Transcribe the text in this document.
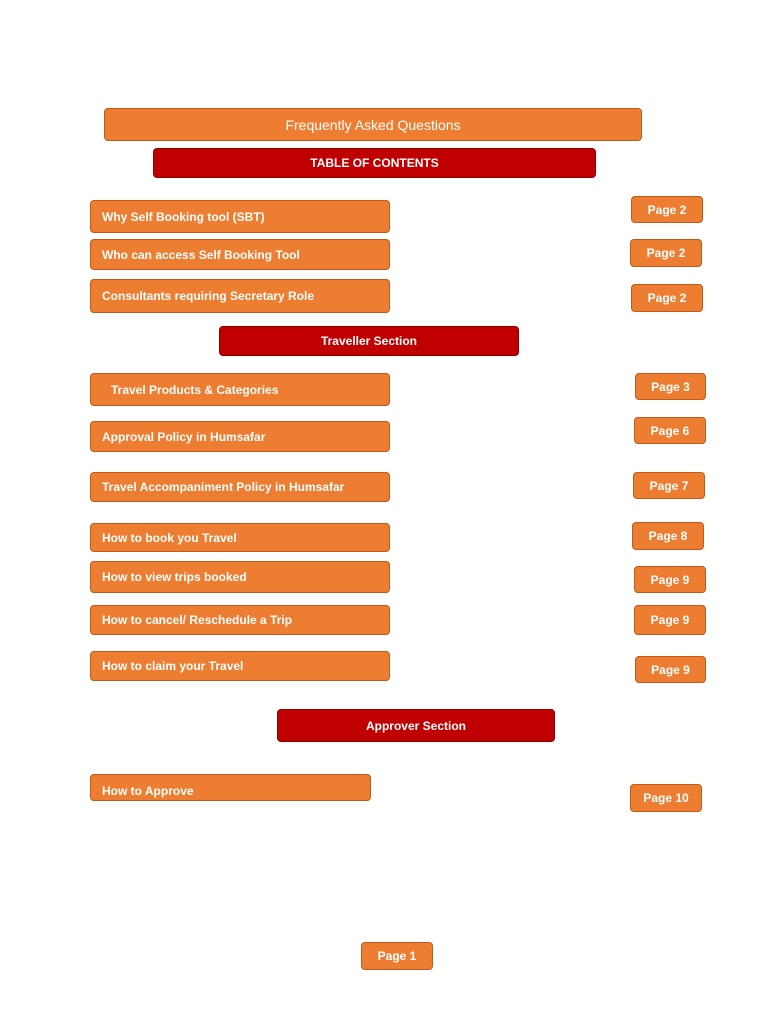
Frequently Asked Questions
TABLE OF CONTENTS
Why Self Booking tool (SBT)	Page 2
Who can access Self Booking Tool	Page 2
Consultants requiring Secretary Role	Page 2
Traveller Section
Travel Products & Categories	Page 3
Approval Policy in Humsafar	Page 6
Travel Accompaniment Policy in Humsafar	Page 7
How to book you Travel	Page 8
How to view trips booked	Page 9
How to cancel/ Reschedule a Trip	Page 9
How to claim your Travel	Page 9
Approver Section
How to Approve	Page 10
Page 1
